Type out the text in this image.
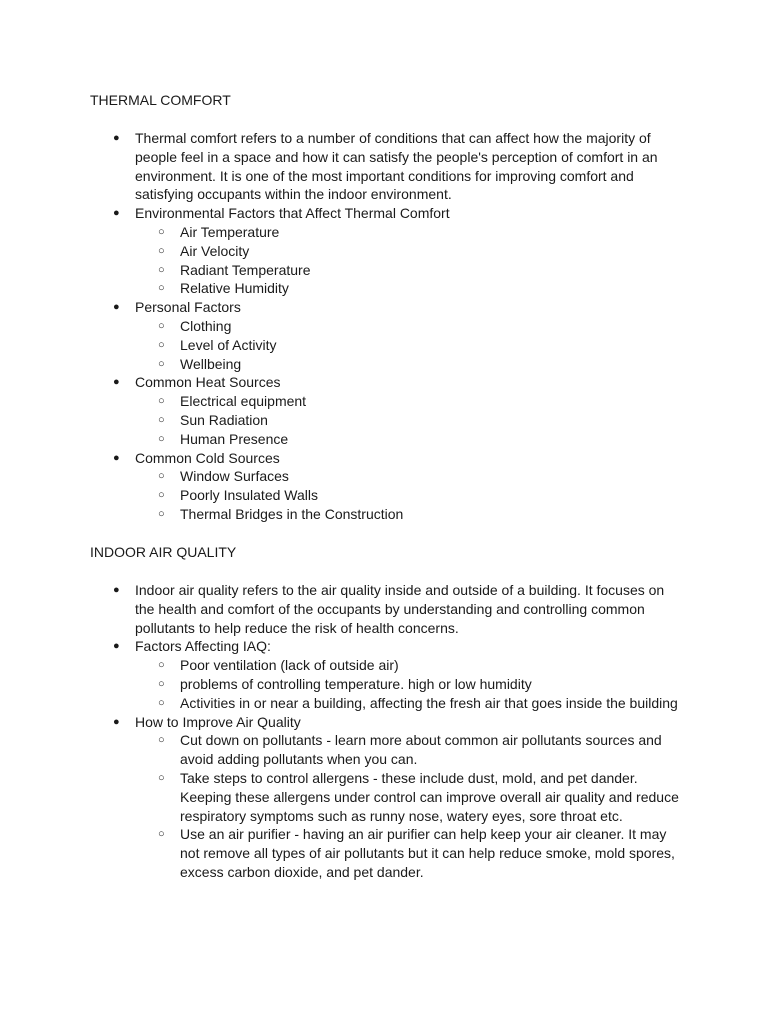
THERMAL COMFORT
● Thermal comfort refers to a number of conditions that can affect how the majority of people feel in a space and how it can satisfy the people's perception of comfort in an environment. It is one of the most important conditions for improving comfort and satisfying occupants within the indoor environment.
● Environmental Factors that Affect Thermal Comfort
○ Air Temperature
○ Air Velocity
○ Radiant Temperature
○ Relative Humidity
● Personal Factors
○ Clothing
○ Level of Activity
○ Wellbeing
● Common Heat Sources
○ Electrical equipment
○ Sun Radiation
○ Human Presence
● Common Cold Sources
○ Window Surfaces
○ Poorly Insulated Walls
○ Thermal Bridges in the Construction
INDOOR AIR QUALITY
● Indoor air quality refers to the air quality inside and outside of a building. It focuses on the health and comfort of the occupants by understanding and controlling common pollutants to help reduce the risk of health concerns.
● Factors Affecting IAQ:
○ Poor ventilation (lack of outside air)
○ problems of controlling temperature. high or low humidity
○ Activities in or near a building, affecting the fresh air that goes inside the building
● How to Improve Air Quality
○ Cut down on pollutants - learn more about common air pollutants sources and avoid adding pollutants when you can.
○ Take steps to control allergens - these include dust, mold, and pet dander. Keeping these allergens under control can improve overall air quality and reduce respiratory symptoms such as runny nose, watery eyes, sore throat etc.
○ Use an air purifier - having an air purifier can help keep your air cleaner. It may not remove all types of air pollutants but it can help reduce smoke, mold spores, excess carbon dioxide, and pet dander.
